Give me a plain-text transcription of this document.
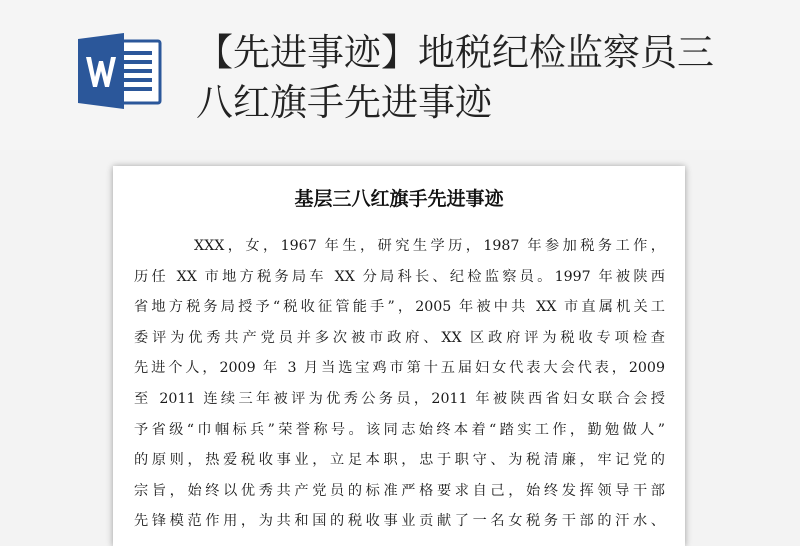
【先进事迹】地税纪检监察员三
八红旗手先进事迹
基层三八红旗手先进事迹
XXX，女，1967 年生，研究生学历，1987 年参加税务工作，
历任 XX 市地方税务局车 XX 分局科长、纪检监察员。1997 年被陕西
省地方税务局授予“税收征管能手”，2005 年被中共 XX 市直属机关工
委评为优秀共产党员并多次被市政府、XX 区政府评为税收专项检查
先进个人，2009 年 3 月当选宝鸡市第十五届妇女代表大会代表，2009
至 2011 连续三年被评为优秀公务员，2011 年被陕西省妇女联合会授
予省级“巾帼标兵”荣誉称号。该同志始终本着“踏实工作，勤勉做人”
的原则，热爱税收事业，立足本职，忠于职守、为税清廉，牢记党的
宗旨，始终以优秀共产党员的标准严格要求自己，始终发挥领导干部
先锋模范作用，为共和国的税收事业贡献了一名女税务干部的汗水、
